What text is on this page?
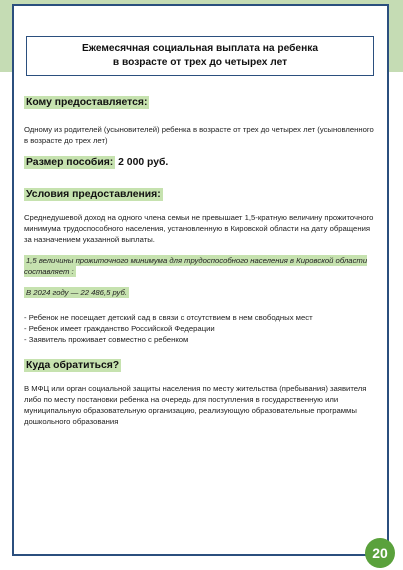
Ежемесячная социальная выплата на ребенка
в возрасте от трех до четырех лет
Кому предоставляется:
Одному из родителей (усыновителей) ребенка в возрасте от трех до четырех лет (усыновленного в возрасте до трех лет)
Размер пособия: 2 000 руб.
Условия предоставления:
Среднедушевой доход на одного члена семьи не превышает 1,5-кратную величину прожиточного минимума трудоспособного населения, установленную в Кировской области на дату обращения за назначением указанной выплаты.
1,5 величины прожиточного минимума для трудоспособного населения в Кировской области составляет :
В 2024 году — 22 486,5 руб.
- Ребенок не посещает детский сад в связи с отсутствием в нем свободных мест
- Ребенок имеет гражданство Российской Федерации
- Заявитель проживает совместно с ребенком
Куда обратиться?
В МФЦ или орган социальной защиты населения по месту жительства (пребывания) заявителя либо по месту постановки ребенка на очередь для поступления в государственную или муниципальную образовательную организацию, реализующую образовательные программы дошкольного образования
20
